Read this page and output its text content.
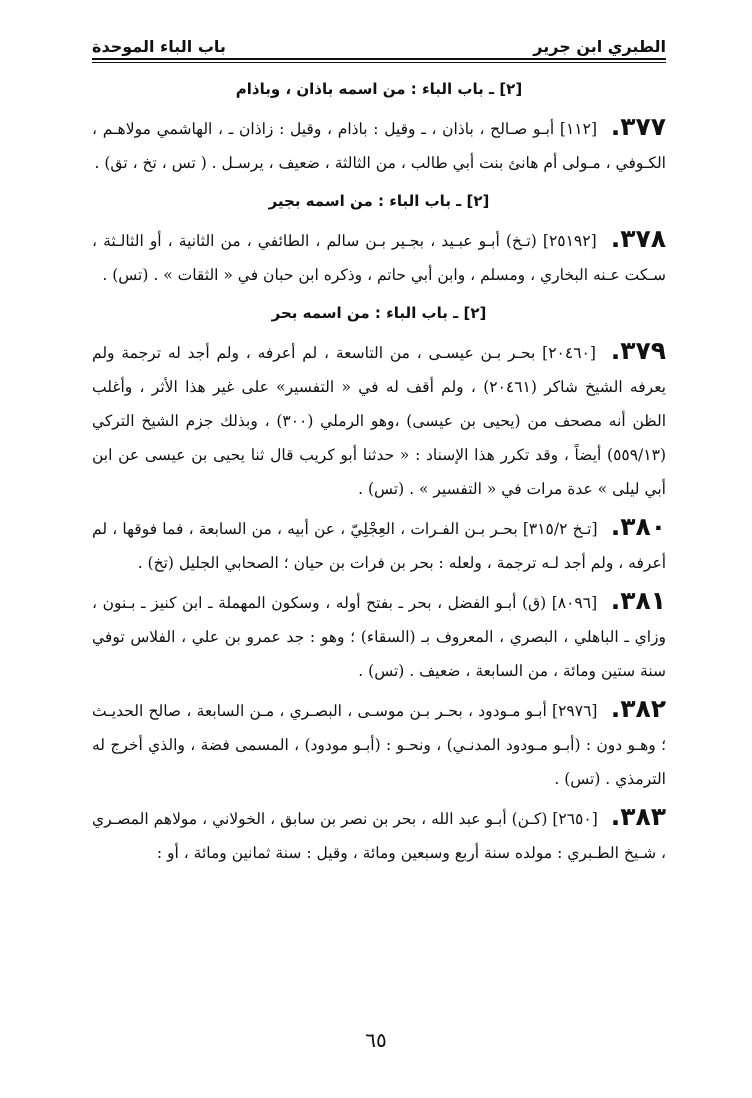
الطبري ابن جرير
باب الباء الموحدة
[٢] ـ باب الباء : من اسمه باذان ، وباذام

٣٧٧. [١١٢] أبـو صـالح ، باذان ، ـ وقيل : باذام ، وقيل : زاذان ـ ، الهاشمي مولاهـم ، الكـوفي ، مـولى أم هانئ بنت أبي طالب ، من الثالثة ، ضعيف ، يرسـل . ( تس ، تخ ، تق) .

[٢] ـ باب الباء : من اسمه بجير

٣٧٨. [٢٥١٩٢] (تـخ) أبـو عبـيد ، بجـير بـن سالم ، الطائفي ، من الثانية ، أو الثالـثة ، سـكت عـنه البخاري ، ومسلم ، وابن أبي حاتم ، وذكره ابن حبان في « الثقات » . (تس) .

[٢] ـ باب الباء : من اسمه بحر

٣٧٩. [٢٠٤٦٠] بحـر بـن عيسـى ، من التاسعة ، لم أعرفه ، ولم أجد له ترجمة ولم يعرفه الشيخ شاكر (٢٠٤٦١) ، ولم أقف له في « التفسير» على غير هذا الأثر ، وأغلب الظن أنه مصحف من (يحيى بن عيسى) ،وهو الرملي (٣٠٠) ، وبذلك جزم الشيخ التركي (٥٥٩/١٣) أيضاً ، وقد تكرر هذا الإسناد : « حدثنا أبو كريب قال ثنا يحيى بن عيسى عن ابن أبي ليلى » عدة مرات في « التفسير » . (تس) .

٣٨٠. [تـخ ٣١٥/٢] بحـر بـن الفـرات ، العِجْلِيّ ، عن أبيه ، من السابعة ، فما فوقها ، لم أعرفه ، ولم أجد لـه ترجمة ، ولعله : بحر بن فرات بن حيان ؛ الصحابي الجليل (تخ) .

٣٨١. [٨٠٩٦] (ق) أبـو الفضل ، بحر ـ بفتح أوله ، وسكون المهملة ـ ابن كنيز ـ بـنون ، وزاي ـ الباهلي ، البصري ، المعروف بـ (السقاء) ؛ وهو : جد عمرو بن علي ، الفلاس توفي سنة ستين ومائة ، من السابعة ، ضعيف . (تس) .

٣٨٢. [٢٩٧٦] أبـو مـودود ، بحـر بـن موسـى ، البصـري ، مـن السابعة ، صالح الحديـث ؛ وهـو دون : (أبـو مـودود المدنـي) ، ونحـو : (أبـو مودود) ، المسمى فضة ، والذي أخرج له الترمذي . (تس) .

٣٨٣. [٢٦٥٠] (كـن) أبـو عبد الله ، بحر بن نصر بن سابق ، الخولاني ، مولاهم المصـري ، شـيخ الطـبري : مولده سنة أربع وسبعين ومائة ، وقيل : سنة ثمانين ومائة ، أو :

٦٥
